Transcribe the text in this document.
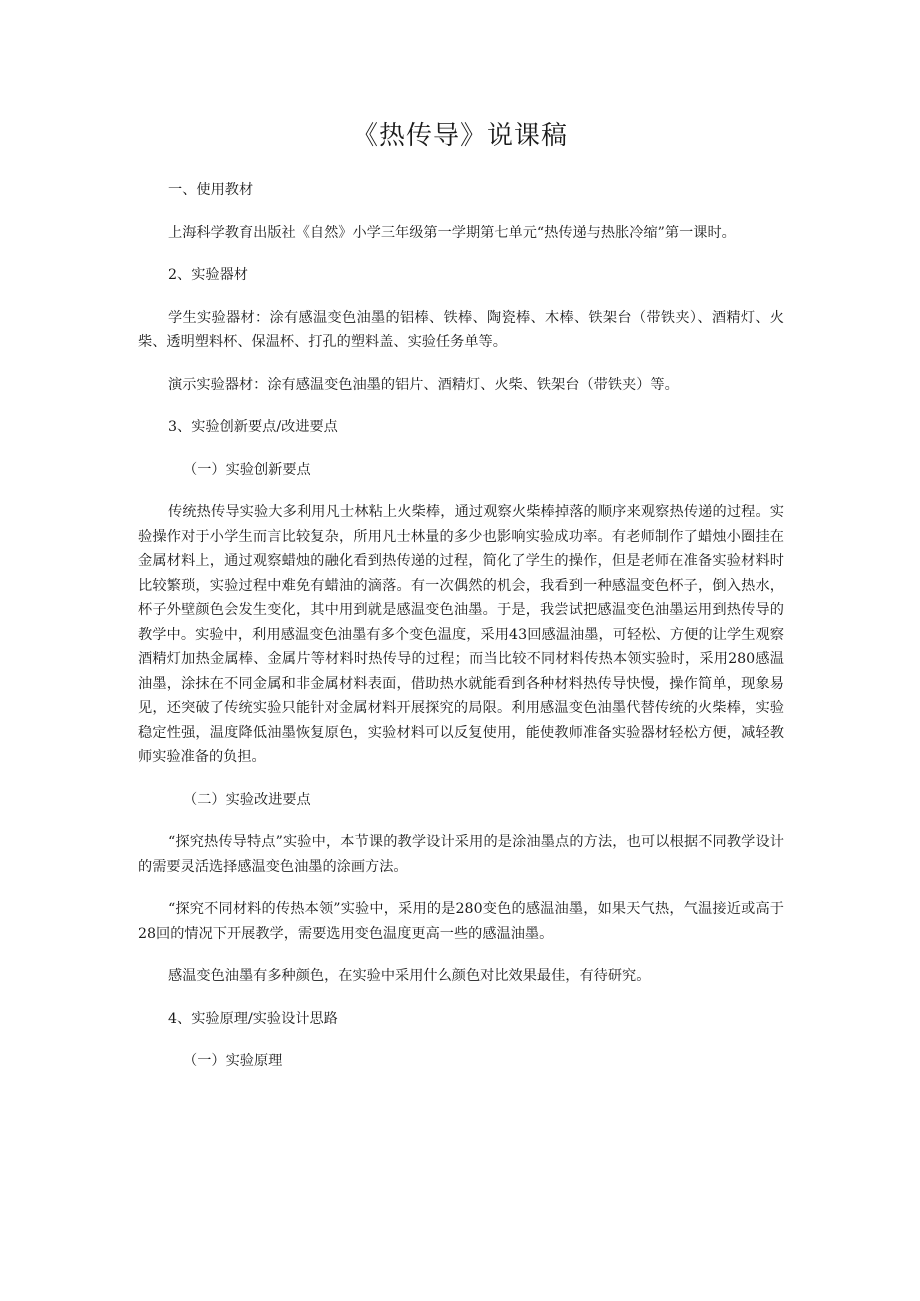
《热传导》说课稿

一、使用教材

上海科学教育出版社《自然》小学三年级第一学期第七单元“热传递与热胀冷缩”第一课时。

2、实验器材

学生实验器材：涂有感温变色油墨的铝棒、铁棒、陶瓷棒、木棒、铁架台（带铁夹）、酒精灯、火柴、透明塑料杯、保温杯、打孔的塑料盖、实验任务单等。

演示实验器材：涂有感温变色油墨的铝片、酒精灯、火柴、铁架台（带铁夹）等。

3、实验创新要点/改进要点

（一）实验创新要点

传统热传导实验大多利用凡士林粘上火柴棒，通过观察火柴棒掉落的顺序来观察热传递的过程。实验操作对于小学生而言比较复杂，所用凡士林量的多少也影响实验成功率。有老师制作了蜡烛小圈挂在金属材料上，通过观察蜡烛的融化看到热传递的过程，简化了学生的操作，但是老师在准备实验材料时比较繁琐，实验过程中难免有蜡油的滴落。有一次偶然的机会，我看到一种感温变色杯子，倒入热水，杯子外壁颜色会发生变化，其中用到就是感温变色油墨。于是，我尝试把感温变色油墨运用到热传导的教学中。实验中，利用感温变色油墨有多个变色温度，采用43回感温油墨，可轻松、方便的让学生观察酒精灯加热金属棒、金属片等材料时热传导的过程；而当比较不同材料传热本领实验时，采用280感温油墨，涂抹在不同金属和非金属材料表面，借助热水就能看到各种材料热传导快慢，操作简单，现象易见，还突破了传统实验只能针对金属材料开展探究的局限。利用感温变色油墨代替传统的火柴棒，实验稳定性强，温度降低油墨恢复原色，实验材料可以反复使用，能使教师准备实验器材轻松方便，减轻教师实验准备的负担。

（二）实验改进要点

“探究热传导特点”实验中，本节课的教学设计采用的是涂油墨点的方法，也可以根据不同教学设计的需要灵活选择感温变色油墨的涂画方法。

“探究不同材料的传热本领”实验中，采用的是280变色的感温油墨，如果天气热，气温接近或高于28回的情况下开展教学，需要选用变色温度更高一些的感温油墨。

感温变色油墨有多种颜色，在实验中采用什么颜色对比效果最佳，有待研究。

4、实验原理/实验设计思路

（一）实验原理
